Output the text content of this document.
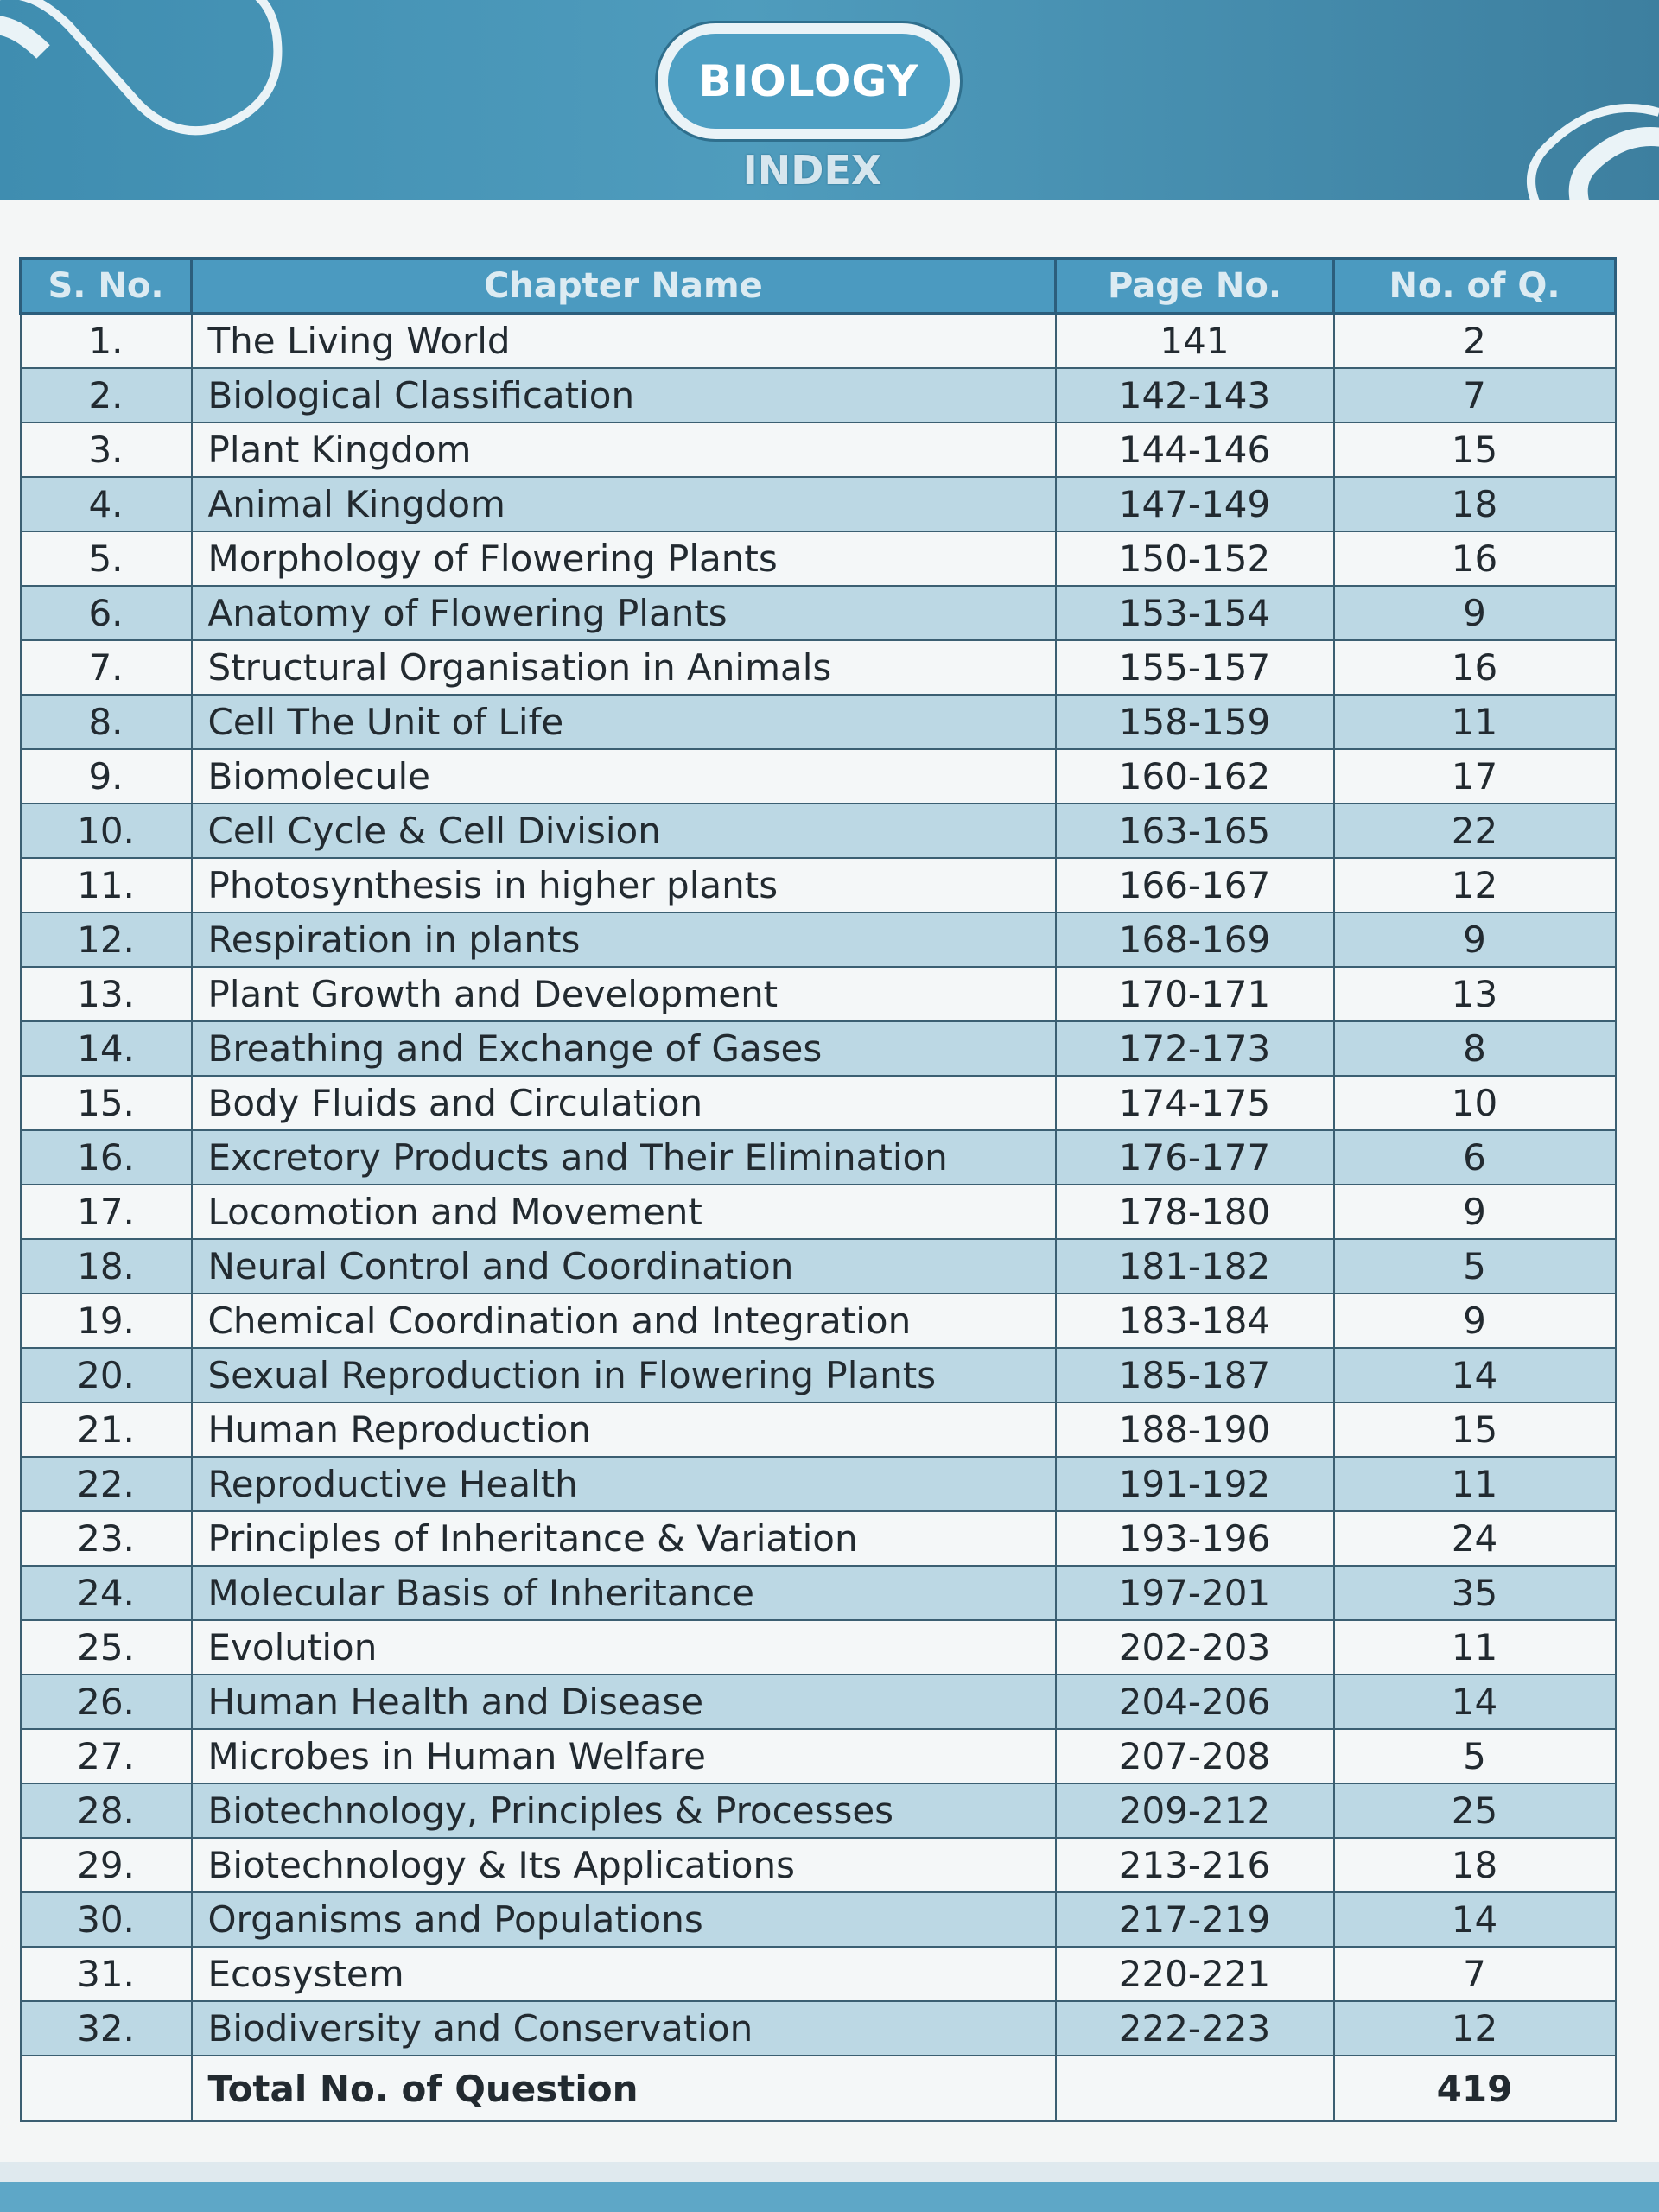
BIOLOGY
INDEX
S. No.	Chapter Name	Page No.	No. of Q.
1.	The Living World	141	2
2.	Biological Classification	142-143	7
3.	Plant Kingdom	144-146	15
4.	Animal Kingdom	147-149	18
5.	Morphology of Flowering Plants	150-152	16
6.	Anatomy of Flowering Plants	153-154	9
7.	Structural Organisation in Animals	155-157	16
8.	Cell The Unit of Life	158-159	11
9.	Biomolecule	160-162	17
10.	Cell Cycle & Cell Division	163-165	22
11.	Photosynthesis in higher plants	166-167	12
12.	Respiration in plants	168-169	9
13.	Plant Growth and Development	170-171	13
14.	Breathing and Exchange of Gases	172-173	8
15.	Body Fluids and Circulation	174-175	10
16.	Excretory Products and Their Elimination	176-177	6
17.	Locomotion and Movement	178-180	9
18.	Neural Control and Coordination	181-182	5
19.	Chemical Coordination and Integration	183-184	9
20.	Sexual Reproduction in Flowering Plants	185-187	14
21.	Human Reproduction	188-190	15
22.	Reproductive Health	191-192	11
23.	Principles of Inheritance & Variation	193-196	24
24.	Molecular Basis of Inheritance	197-201	35
25.	Evolution	202-203	11
26.	Human Health and Disease	204-206	14
27.	Microbes in Human Welfare	207-208	5
28.	Biotechnology, Principles & Processes	209-212	25
29.	Biotechnology & Its Applications	213-216	18
30.	Organisms and Populations	217-219	14
31.	Ecosystem	220-221	7
32.	Biodiversity and Conservation	222-223	12
	Total No. of Question		419
